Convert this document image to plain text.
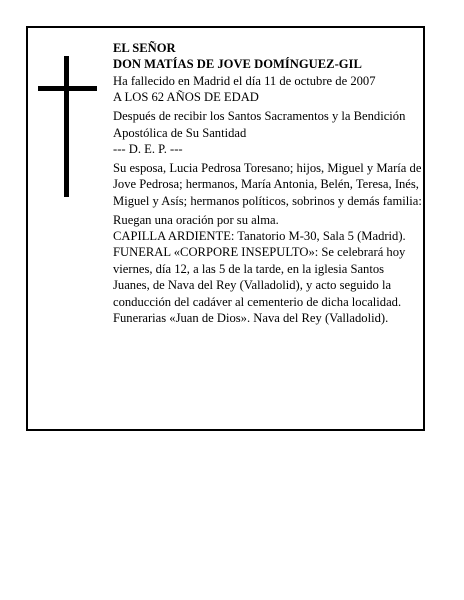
EL SEÑOR
DON MATÍAS DE JOVE DOMÍNGUEZ-GIL
Ha fallecido en Madrid el día 11 de octubre de 2007
A LOS 62 AÑOS DE EDAD
Después de recibir los Santos Sacramentos y la Bendición Apostólica de Su Santidad
--- D. E. P. ---
Su esposa, Lucia Pedrosa Toresano; hijos, Miguel y María de Jove Pedrosa; hermanos, María Antonia, Belén, Teresa, Inés, Miguel y Asís; hermanos políticos, sobrinos y demás familia:
Ruegan una oración por su alma.
CAPILLA ARDIENTE: Tanatorio M-30, Sala 5 (Madrid).
FUNERAL «CORPORE INSEPULTO»: Se celebrará hoy viernes, día 12, a las 5 de la tarde, en la iglesia Santos Juanes, de Nava del Rey (Valladolid), y acto seguido la conducción del cadáver al cementerio de dicha localidad.
Funerarias «Juan de Dios». Nava del Rey (Valladolid).
